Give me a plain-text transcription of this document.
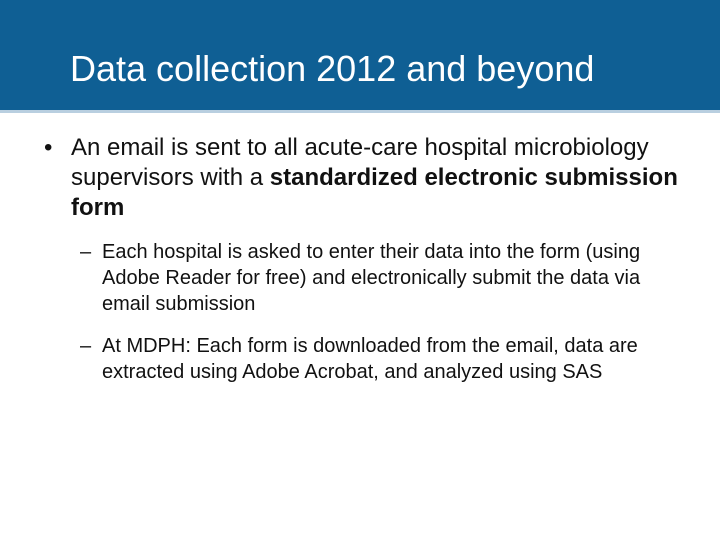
Data collection 2012 and beyond
• An email is sent to all acute-care hospital microbiology supervisors with a standardized electronic submission form
– Each hospital is asked to enter their data into the form (using Adobe Reader for free) and electronically submit the data via email submission
– At MDPH: Each form is downloaded from the email, data are extracted using Adobe Acrobat, and analyzed using SAS
